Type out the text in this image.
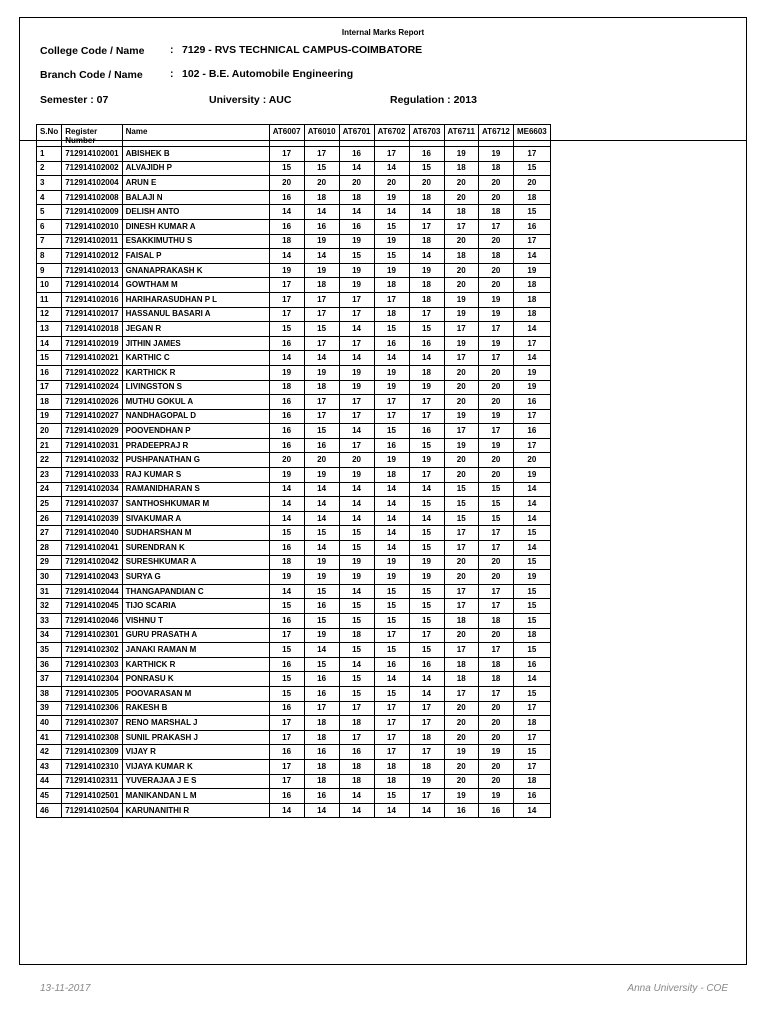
Internal Marks Report
College Code / Name : 7129 - RVS TECHNICAL CAMPUS-COIMBATORE
Branch Code / Name	: 102 - B.E. Automobile Engineering
Semester : 07	University : AUC	Regulation : 2013
S.No	Register Number	Name	AT6007	AT6010	AT6701	AT6702	AT6703	AT6711	AT6712	ME6603
1	712914102001	ABISHEK B	17	17	16	17	16	19	19	17
2	712914102002	ALVAJIDH P	15	15	14	14	15	18	18	15
3	712914102004	ARUN E	20	20	20	20	20	20	20	20
4	712914102008	BALAJI N	16	18	18	19	18	20	20	18
5	712914102009	DELISH ANTO	14	14	14	14	14	18	18	15
6	712914102010	DINESH KUMAR A	16	16	16	15	17	17	17	16
7	712914102011	ESAKKIMUTHU S	18	19	19	19	18	20	20	17
8	712914102012	FAISAL P	14	14	15	15	14	18	18	14
9	712914102013	GNANAPRAKASH K	19	19	19	19	19	20	20	19
10	712914102014	GOWTHAM M	17	18	19	18	18	20	20	18
11	712914102016	HARIHARASUDHAN P L	17	17	17	17	18	19	19	18
12	712914102017	HASSANUL BASARI A	17	17	17	18	17	19	19	18
13	712914102018	JEGAN R	15	15	14	15	15	17	17	14
14	712914102019	JITHIN JAMES	16	17	17	16	16	19	19	17
15	712914102021	KARTHIC C	14	14	14	14	14	17	17	14
16	712914102022	KARTHICK R	19	19	19	19	18	20	20	19
17	712914102024	LIVINGSTON S	18	18	19	19	19	20	20	19
18	712914102026	MUTHU GOKUL A	16	17	17	17	17	20	20	16
19	712914102027	NANDHAGOPAL D	16	17	17	17	17	19	19	17
20	712914102029	POOVENDHAN P	16	15	14	15	16	17	17	16
21	712914102031	PRADEEPRAJ R	16	16	17	16	15	19	19	17
22	712914102032	PUSHPANATHAN G	20	20	20	19	19	20	20	20
23	712914102033	RAJ KUMAR S	19	19	19	18	17	20	20	19
24	712914102034	RAMANIDHARAN S	14	14	14	14	14	15	15	14
25	712914102037	SANTHOSHKUMAR M	14	14	14	14	15	15	15	14
26	712914102039	SIVAKUMAR A	14	14	14	14	14	15	15	14
27	712914102040	SUDHARSHAN M	15	15	15	14	15	17	17	15
28	712914102041	SURENDRAN K	16	14	15	14	15	17	17	14
29	712914102042	SURESHKUMAR A	18	19	19	19	19	20	20	15
30	712914102043	SURYA G	19	19	19	19	19	20	20	19
31	712914102044	THANGAPANDIAN C	14	15	14	15	15	17	17	15
32	712914102045	TIJO SCARIA	15	16	15	15	15	17	17	15
33	712914102046	VISHNU T	16	15	15	15	15	18	18	15
34	712914102301	GURU PRASATH A	17	19	18	17	17	20	20	18
35	712914102302	JANAKI RAMAN M	15	14	15	15	15	17	17	15
36	712914102303	KARTHICK R	16	15	14	16	16	18	18	16
37	712914102304	PONRASU K	15	16	15	14	14	18	18	14
38	712914102305	POOVARASAN M	15	16	15	15	14	17	17	15
39	712914102306	RAKESH B	16	17	17	17	17	20	20	17
40	712914102307	RENO MARSHAL J	17	18	18	17	17	20	20	18
41	712914102308	SUNIL PRAKASH J	17	18	17	17	18	20	20	17
42	712914102309	VIJAY R	16	16	16	17	17	19	19	15
43	712914102310	VIJAYA KUMAR K	17	18	18	18	18	20	20	17
44	712914102311	YUVERAJAA J E S	17	18	18	18	19	20	20	18
45	712914102501	MANIKANDAN L M	16	16	14	15	17	19	19	16
46	712914102504	KARUNANITHI R	14	14	14	14	14	16	16	14
13-11-2017	Anna University - COE
